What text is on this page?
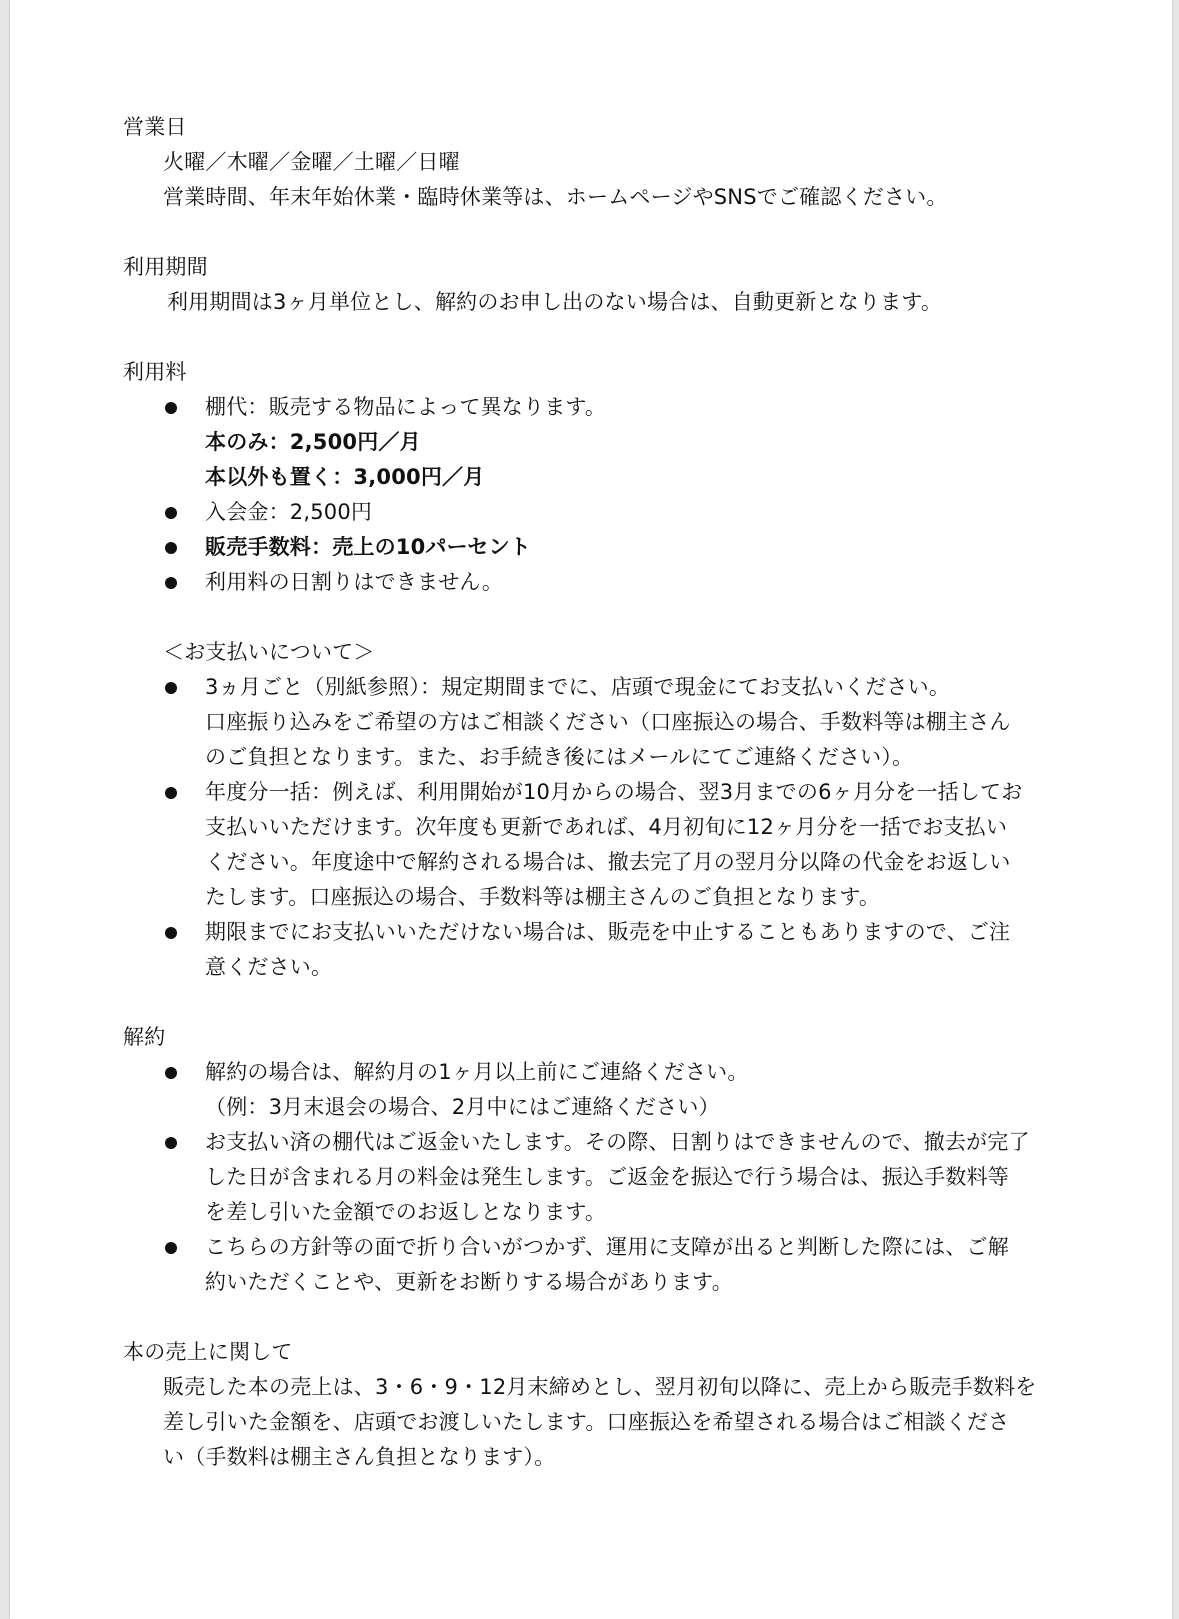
営業日
火曜／木曜／金曜／土曜／日曜
営業時間、年末年始休業・臨時休業等は、ホームページやSNSでご確認ください。
利用期間
利用期間は3ヶ月単位とし、解約のお申し出のない場合は、自動更新となります。
利用料
棚代：販売する物品によって異なります。
本のみ：2,500円／月
本以外も置く：3,000円／月
入会金：2,500円
販売手数料：売上の10パーセント
利用料の日割りはできません。
＜お支払いについて＞
3ヵ月ごと（別紙参照）：規定期間までに、店頭で現金にてお支払いください。
口座振り込みをご希望の方はご相談ください（口座振込の場合、手数料等は棚主さん
のご負担となります。また、お手続き後にはメールにてご連絡ください）。
年度分一括：例えば、利用開始が10月からの場合、翌3月までの6ヶ月分を一括してお
支払いいただけます。次年度も更新であれば、4月初旬に12ヶ月分を一括でお支払い
ください。年度途中で解約される場合は、撤去完了月の翌月分以降の代金をお返しい
たします。口座振込の場合、手数料等は棚主さんのご負担となります。
期限までにお支払いいただけない場合は、販売を中止することもありますので、ご注
意ください。
解約
解約の場合は、解約月の1ヶ月以上前にご連絡ください。
（例：3月末退会の場合、2月中にはご連絡ください）
お支払い済の棚代はご返金いたします。その際、日割りはできませんので、撤去が完了
した日が含まれる月の料金は発生します。ご返金を振込で行う場合は、振込手数料等
を差し引いた金額でのお返しとなります。
こちらの方針等の面で折り合いがつかず、運用に支障が出ると判断した際には、ご解
約いただくことや、更新をお断りする場合があります。
本の売上に関して
販売した本の売上は、3・6・9・12月末締めとし、翌月初旬以降に、売上から販売手数料を
差し引いた金額を、店頭でお渡しいたします。口座振込を希望される場合はご相談くださ
い（手数料は棚主さん負担となります）。
